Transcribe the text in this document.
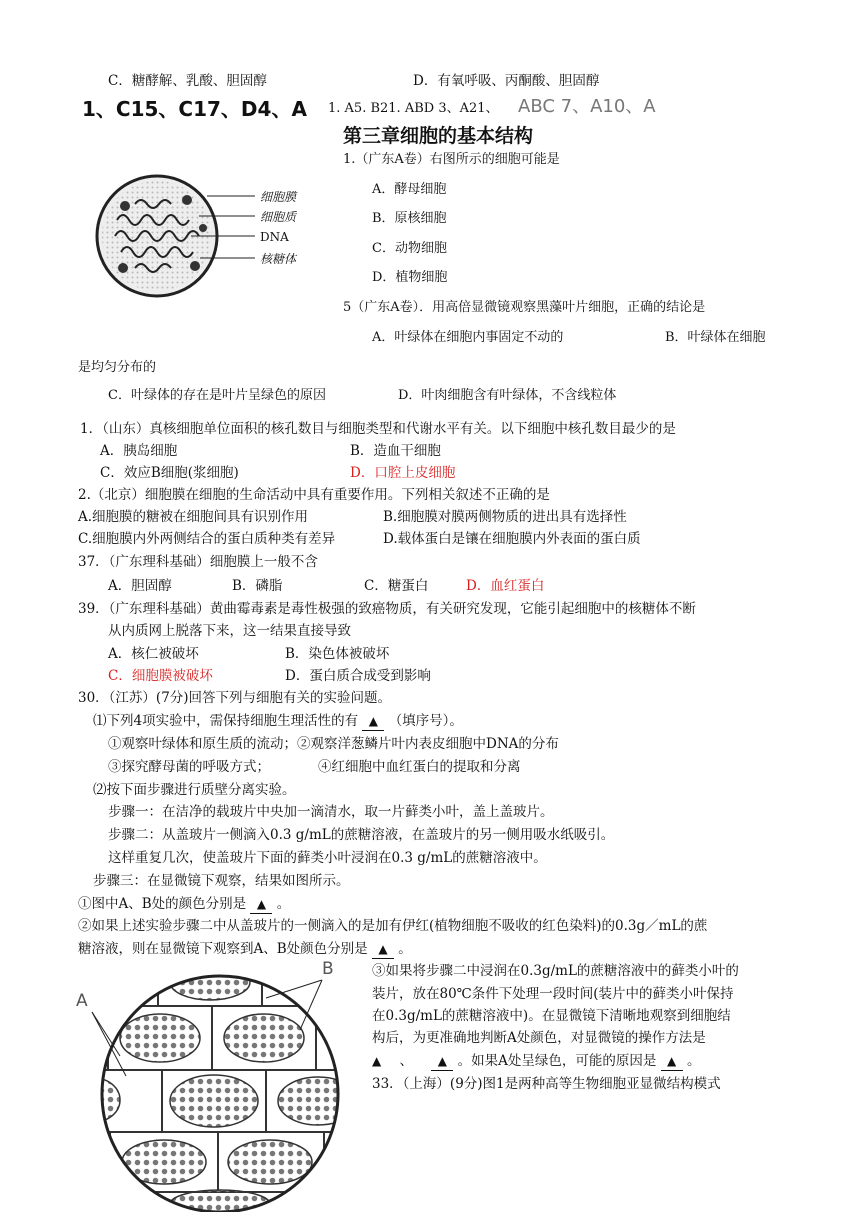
C．糖酵解、乳酸、胆固醇	D．有氧呼吸、丙酮酸、胆固醇
1、C15、C17、D4、A 1. A5. B21. ABD 3、A21、 ABC 7、A10、A
第三章细胞的基本结构
细胞膜
细胞质
DNA
核糖体
1.（广东A卷）右图所示的细胞可能是
A．酵母细胞
B．原核细胞
C．动物细胞
D．植物细胞
5（广东A卷）．用高倍显微镜观察黑藻叶片细胞，正确的结论是
A．叶绿体在细胞内事固定不动的	B．叶绿体在细胞
是均匀分布的
C．叶绿体的存在是叶片呈绿色的原因	D．叶肉细胞含有叶绿体，不含线粒体
1．（山东）真核细胞单位面积的核孔数目与细胞类型和代谢水平有关。以下细胞中核孔数目最少的是
A．胰岛细胞	B．造血干细胞
C．效应B细胞(浆细胞)	D．口腔上皮细胞
2.（北京）细胞膜在细胞的生命活动中具有重要作用。下列相关叙述不正确的是
A.细胞膜的糖被在细胞间具有识别作用	B.细胞膜对膜两侧物质的进出具有选择性
C.细胞膜内外两侧结合的蛋白质种类有差异	D.载体蛋白是镶在细胞膜内外表面的蛋白质
37．（广东理科基础）细胞膜上一般不含
A．胆固醇	B．磷脂	C．糖蛋白	D．血红蛋白
39．（广东理科基础）黄曲霉毒素是毒性极强的致癌物质，有关研究发现，它能引起细胞中的核糖体不断
从内质网上脱落下来，这一结果直接导致
A．核仁被破坏	B．染色体被破坏
C．细胞膜被破坏	D．蛋白质合成受到影响
30．（江苏）(7分)回答下列与细胞有关的实验问题。
⑴下列4项实验中，需保持细胞生理活性的有 ▲ （填序号）。
①观察叶绿体和原生质的流动；②观察洋葱鳞片叶内表皮细胞中DNA的分布
③探究酵母菌的呼吸方式；	④红细胞中血红蛋白的提取和分离
⑵按下面步骤进行质壁分离实验。
步骤一：在洁净的载玻片中央加一滴清水，取一片藓类小叶，盖上盖玻片。
步骤二：从盖玻片一侧滴入0.3 g/mL的蔗糖溶液，在盖玻片的另一侧用吸水纸吸引。
这样重复几次，使盖玻片下面的藓类小叶浸润在0.3 g/mL的蔗糖溶液中。
步骤三：在显微镜下观察，结果如图所示。
①图中A、B处的颜色分别是 ▲ 。
②如果上述实验步骤二中从盖玻片的一侧滴入的是加有伊红(植物细胞不吸收的红色染料)的0.3g／mL的蔗
糖溶液，则在显微镜下观察到A、B处颜色分别是 ▲ 。
A
B	③如果将步骤二中浸润在0.3g/mL的蔗糖溶液中的藓类小叶的
装片，放在80℃条件下处理一段时间(装片中的藓类小叶保持
在0.3g/mL的蔗糖溶液中)。在显微镜下清晰地观察到细胞结
构后，为更准确地判断A处颜色，对显微镜的操作方法是
▲ 、 ▲ 。如果A处呈绿色，可能的原因是 ▲ 。
33．（上海）(9分)图1是两种高等生物细胞亚显微结构模式
